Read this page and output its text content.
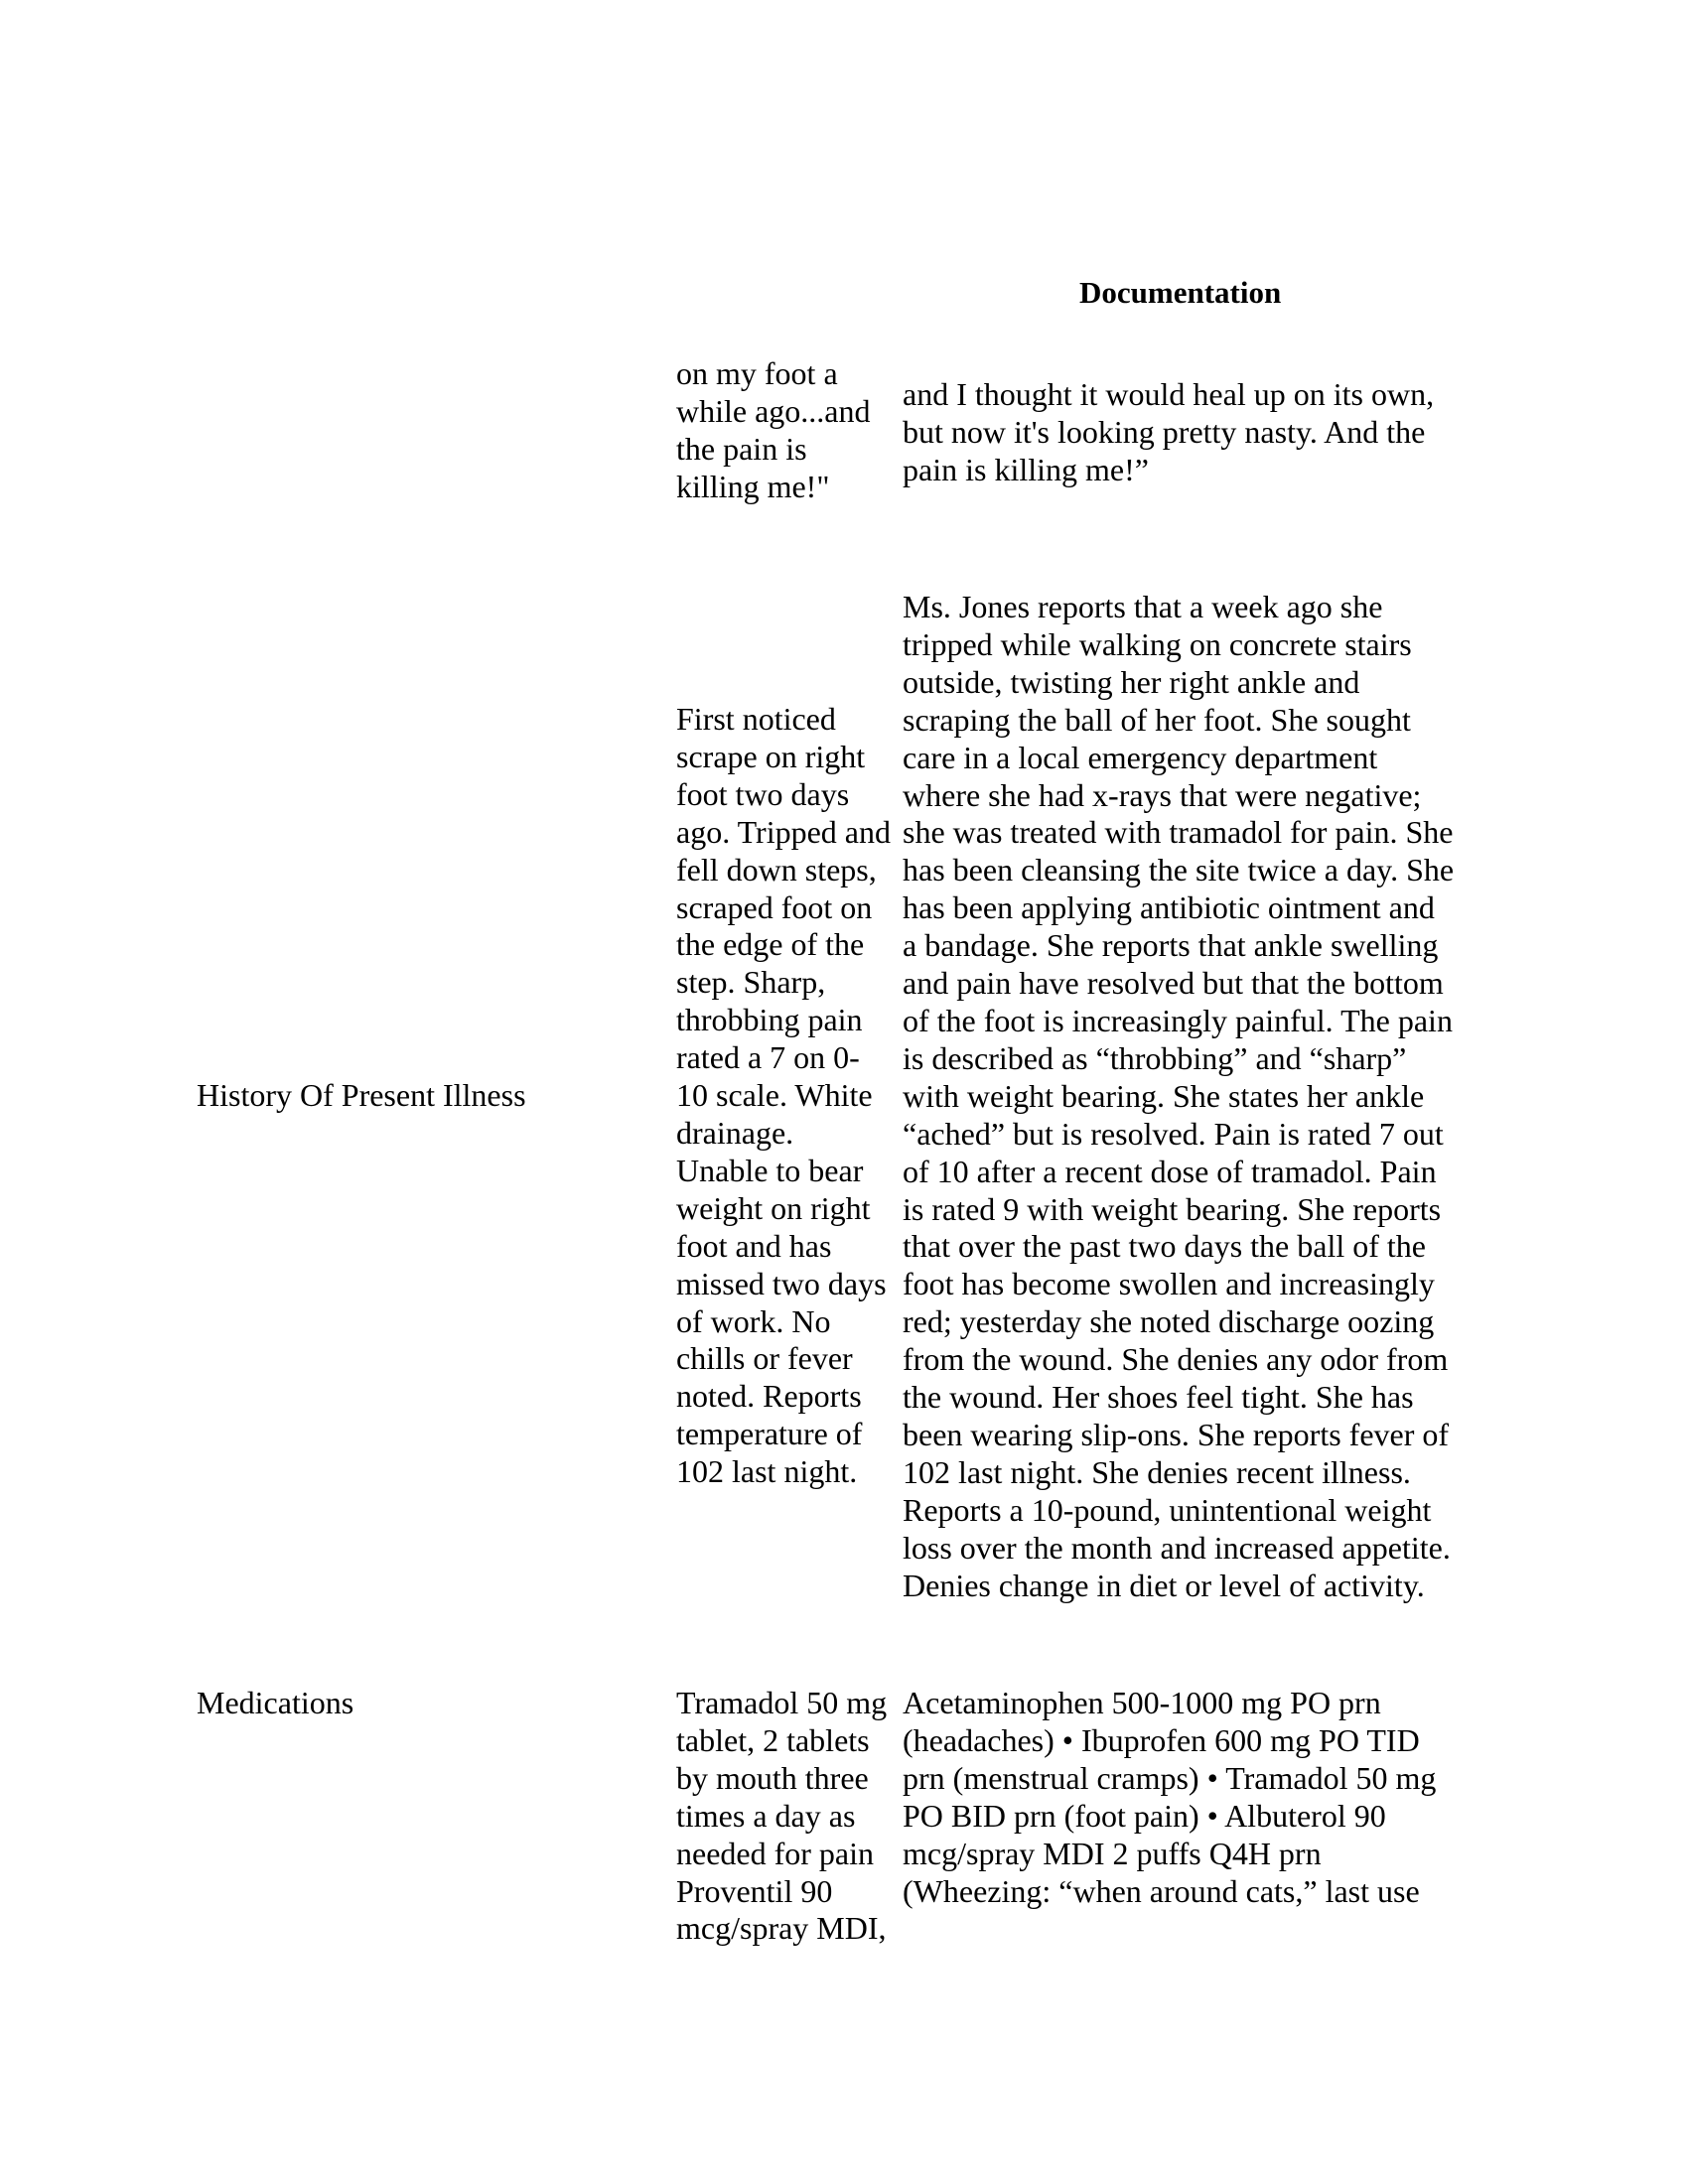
Documentation
History Of Present Illness
Medications
on my foot a
while ago...and
the pain is
killing me!"
and I thought it would heal up on its own,
but now it's looking pretty nasty. And the
pain is killing me!”
First noticed
scrape on right
foot two days
ago. Tripped and
fell down steps,
scraped foot on
the edge of the
step. Sharp,
throbbing pain
rated a 7 on 0-
10 scale. White
drainage.
Unable to bear
weight on right
foot and has
missed two days
of work. No
chills or fever
noted. Reports
temperature of
102 last night.
Ms. Jones reports that a week ago she
tripped while walking on concrete stairs
outside, twisting her right ankle and
scraping the ball of her foot. She sought
care in a local emergency department
where she had x-rays that were negative;
she was treated with tramadol for pain. She
has been cleansing the site twice a day. She
has been applying antibiotic ointment and
a bandage. She reports that ankle swelling
and pain have resolved but that the bottom
of the foot is increasingly painful. The pain
is described as “throbbing” and “sharp”
with weight bearing. She states her ankle
“ached” but is resolved. Pain is rated 7 out
of 10 after a recent dose of tramadol. Pain
is rated 9 with weight bearing. She reports
that over the past two days the ball of the
foot has become swollen and increasingly
red; yesterday she noted discharge oozing
from the wound. She denies any odor from
the wound. Her shoes feel tight. She has
been wearing slip-ons. She reports fever of
102 last night. She denies recent illness.
Reports a 10-pound, unintentional weight
loss over the month and increased appetite.
Denies change in diet or level of activity.
Tramadol 50 mg
tablet, 2 tablets
by mouth three
times a day as
needed for pain
Proventil 90
mcg/spray MDI,
Acetaminophen 500-1000 mg PO prn
(headaches) • Ibuprofen 600 mg PO TID
prn (menstrual cramps) • Tramadol 50 mg
PO BID prn (foot pain) • Albuterol 90
mcg/spray MDI 2 puffs Q4H prn
(Wheezing: “when around cats,” last use
